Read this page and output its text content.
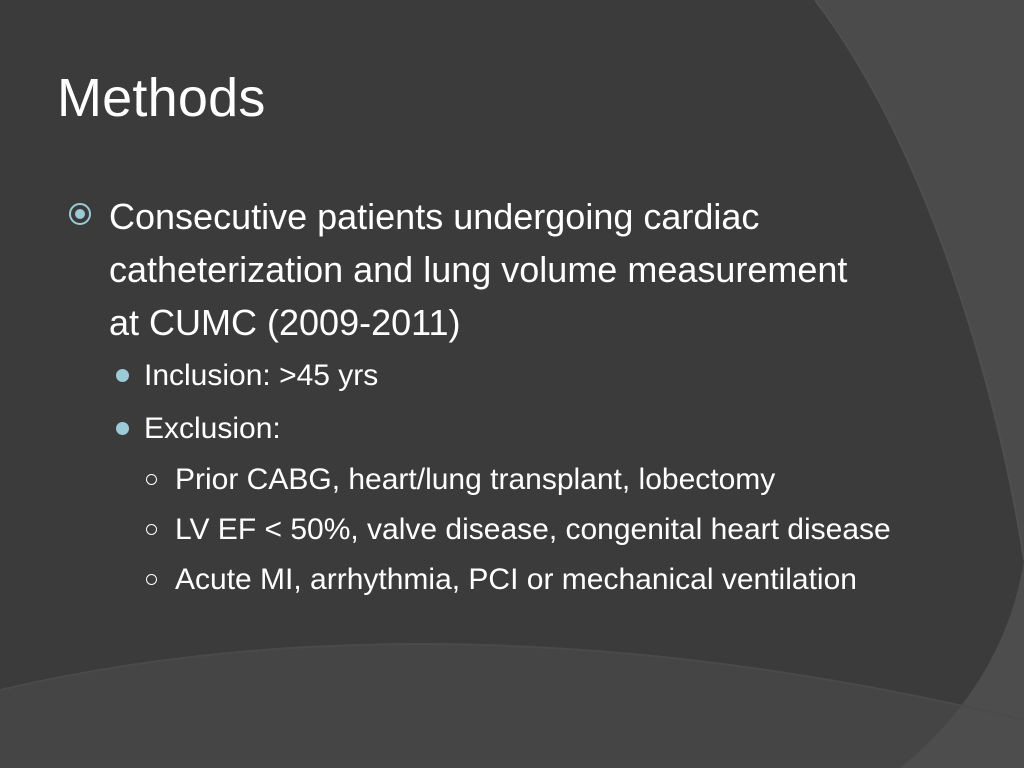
Methods
Consecutive patients undergoing cardiac
catheterization and lung volume measurement
at CUMC (2009-2011)
Inclusion: >45 yrs
Exclusion:
Prior CABG, heart/lung transplant, lobectomy
LV EF < 50%, valve disease, congenital heart disease
Acute MI, arrhythmia, PCI or mechanical ventilation
